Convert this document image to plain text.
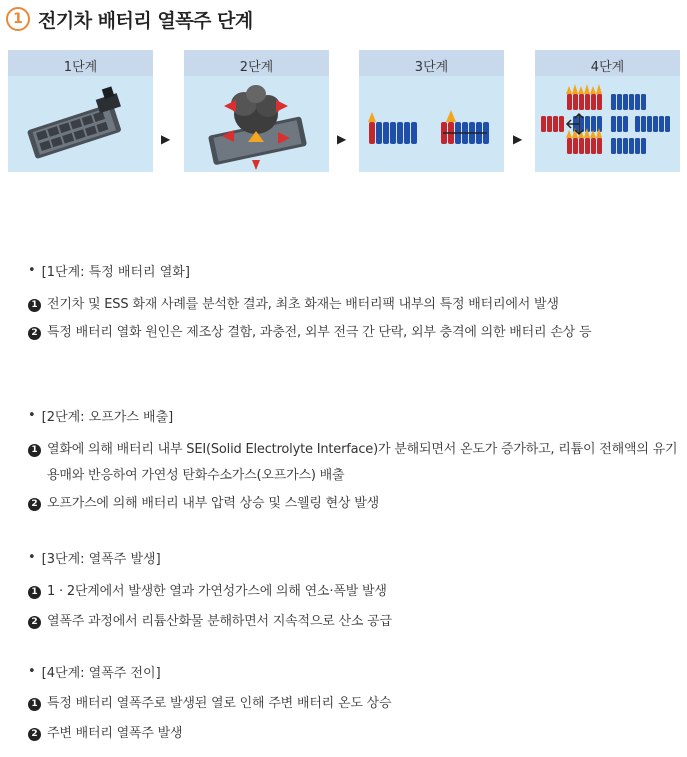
1 전기차 배터리 열폭주 단계
1단계
▶
2단계
▶
3단계
▶
4단계
• [1단계: 특정 배터리 열화]
1 전기차 및 ESS 화재 사례를 분석한 결과, 최초 화재는 배터리팩 내부의 특정 배터리에서 발생
2 특정 배터리 열화 원인은 제조상 결함, 과충전, 외부 전극 간 단락, 외부 충격에 의한 배터리 손상 등
• [2단계: 오프가스 배출]
1 열화에 의해 배터리 내부 SEI(Solid Electrolyte Interface)가 분해되면서 온도가 증가하고, 리튬이 전해액의 유기용매와 반응하여 가연성 탄화수소가스(오프가스) 배출
2 오프가스에 의해 배터리 내부 압력 상승 및 스웰링 현상 발생
• [3단계: 열폭주 발생]
1 1 · 2단계에서 발생한 열과 가연성가스에 의해 연소·폭발 발생
2 열폭주 과정에서 리튬산화물 분해하면서 지속적으로 산소 공급
• [4단계: 열폭주 전이]
1 특정 배터리 열폭주로 발생된 열로 인해 주변 배터리 온도 상승
2 주변 배터리 열폭주 발생
